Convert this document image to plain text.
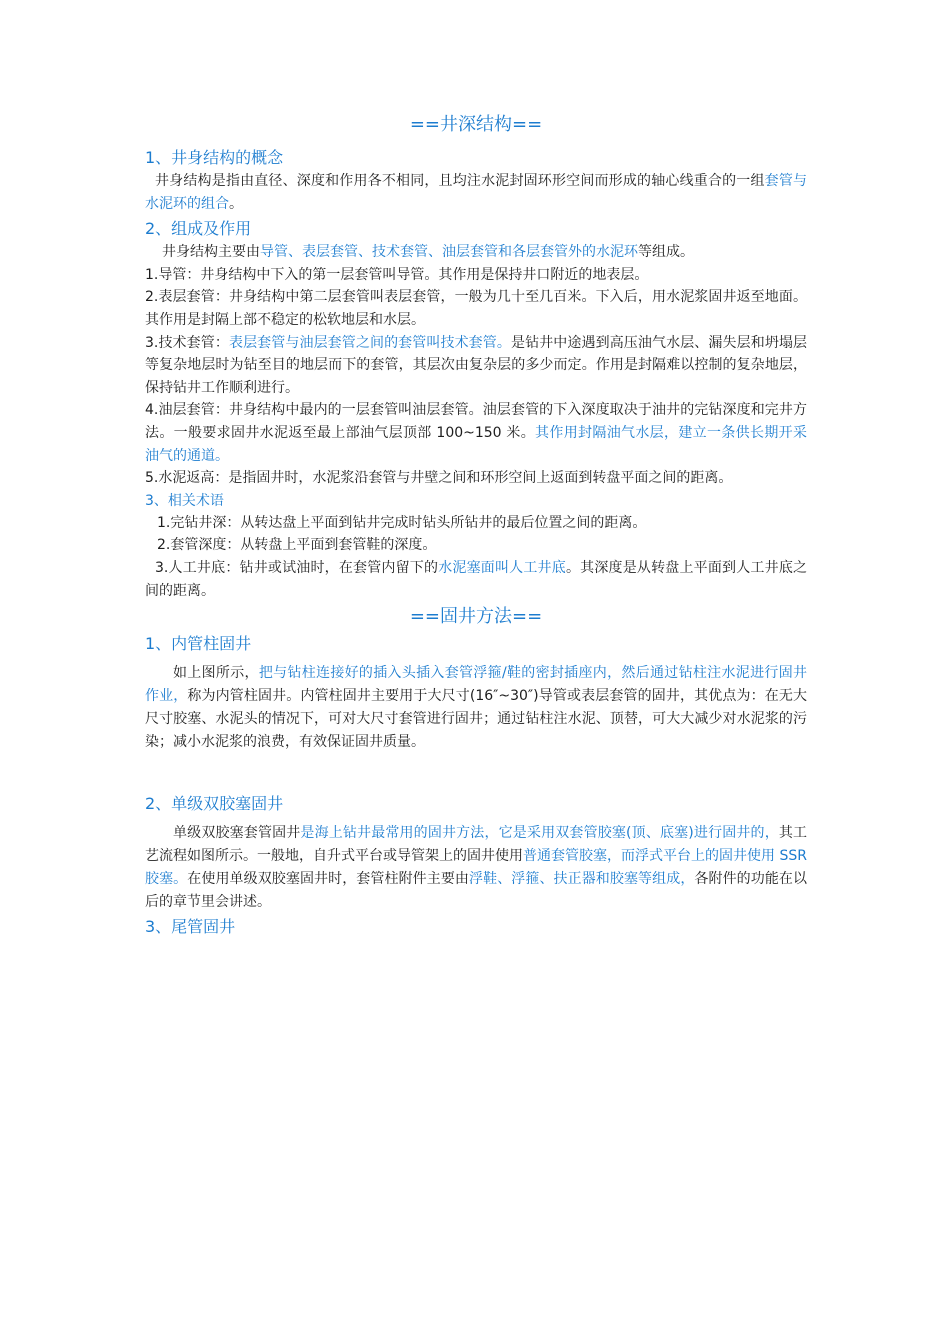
==井深结构==
1、井身结构的概念

井身结构是指由直径、深度和作用各不相同，且均注水泥封固环形空间而形成的轴心线重合的一组套管与水泥环的组合。

2、组成及作用

井身结构主要由导管、表层套管、技术套管、油层套管和各层套管外的水泥环等组成。

1.导管：井身结构中下入的第一层套管叫导管。其作用是保持井口附近的地表层。

2.表层套管：井身结构中第二层套管叫表层套管，一般为几十至几百米。下入后，用水泥浆固井返至地面。其作用是封隔上部不稳定的松软地层和水层。

3.技术套管：表层套管与油层套管之间的套管叫技术套管。是钻井中途遇到高压油气水层、漏失层和坍塌层等复杂地层时为钻至目的地层而下的套管，其层次由复杂层的多少而定。作用是封隔难以控制的复杂地层，保持钻井工作顺利进行。

4.油层套管：井身结构中最内的一层套管叫油层套管。油层套管的下入深度取决于油井的完钻深度和完井方法。一般要求固井水泥返至最上部油气层顶部 100~150 米。其作用封隔油气水层，建立一条供长期开采油气的通道。

5.水泥返高：是指固井时，水泥浆沿套管与井壁之间和环形空间上返面到转盘平面之间的距离。

3、相关术语

1.完钻井深：从转达盘上平面到钻井完成时钻头所钻井的最后位置之间的距离。

2.套管深度：从转盘上平面到套管鞋的深度。

3.人工井底：钻井或试油时，在套管内留下的水泥塞面叫人工井底。其深度是从转盘上平面到人工井底之间的距离。

==固井方法==
1、内管柱固井

如上图所示，把与钻柱连接好的插入头插入套管浮箍/鞋的密封插座内，然后通过钻柱注水泥进行固井作业，称为内管柱固井。内管柱固井主要用于大尺寸(16″~30″)导管或表层套管的固井，其优点为：在无大尺寸胶塞、水泥头的情况下，可对大尺寸套管进行固井；通过钻柱注水泥、顶替，可大大减少对水泥浆的污染；减小水泥浆的浪费，有效保证固井质量。

2、单级双胶塞固井

单级双胶塞套管固井是海上钻井最常用的固井方法，它是采用双套管胶塞(顶、底塞)进行固井的，其工艺流程如图所示。一般地，自升式平台或导管架上的固井使用普通套管胶塞，而浮式平台上的固井使用 SSR 胶塞。在使用单级双胶塞固井时，套管柱附件主要由浮鞋、浮箍、扶正器和胶塞等组成，各附件的功能在以后的章节里会讲述。

3、尾管固井
